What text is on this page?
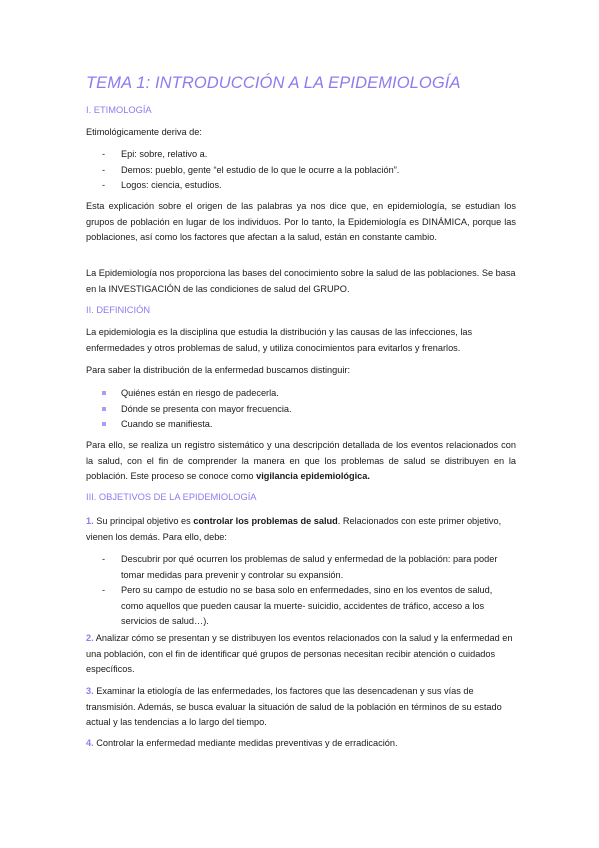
TEMA 1: INTRODUCCIÓN A LA EPIDEMIOLOGÍA
I. ETIMOLOGÍA
Etimológicamente deriva de:
-	Epi: sobre, relativo a.
-	Demos: pueblo, gente “el estudio de lo que le ocurre a la población”.
-	Logos: ciencia, estudios.
Esta explicación sobre el origen de las palabras ya nos dice que, en epidemiología, se estudian los grupos de población en lugar de los individuos. Por lo tanto, la Epidemiología es DINÁMICA, porque las poblaciones, así como los factores que afectan a la salud, están en constante cambio.
La Epidemiología nos proporciona las bases del conocimiento sobre la salud de las poblaciones. Se basa en la INVESTIGACIÓN de las condiciones de salud del GRUPO.
II. DEFINICIÓN
La epidemiologia es la disciplina que estudia la distribución y las causas de las infecciones, las enfermedades y otros problemas de salud, y utiliza conocimientos para evitarlos y frenarlos.
Para saber la distribución de la enfermedad buscamos distinguir:
Quiénes están en riesgo de padecerla.
Dónde se presenta con mayor frecuencia.
Cuando se manifiesta.
Para ello, se realiza un registro sistemático y una descripción detallada de los eventos relacionados con la salud, con el fin de comprender la manera en que los problemas de salud se distribuyen en la población. Este proceso se conoce como vigilancia epidemiológica.
III. OBJETIVOS DE LA EPIDEMIOLOGÍA
1. Su principal objetivo es controlar los problemas de salud. Relacionados con este primer objetivo, vienen los demás. Para ello, debe:
-	Descubrir por qué ocurren los problemas de salud y enfermedad de la población: para poder tomar medidas para prevenir y controlar su expansión.
-	Pero su campo de estudio no se basa solo en enfermedades, sino en los eventos de salud, como aquellos que pueden causar la muerte- suicidio, accidentes de tráfico, acceso a los servicios de salud…).
2. Analizar cómo se presentan y se distribuyen los eventos relacionados con la salud y la enfermedad en una población, con el fin de identificar qué grupos de personas necesitan recibir atención o cuidados específicos.
3. Examinar la etiología de las enfermedades, los factores que las desencadenan y sus vías de transmisión. Además, se busca evaluar la situación de salud de la población en términos de su estado actual y las tendencias a lo largo del tiempo.
4. Controlar la enfermedad mediante medidas preventivas y de erradicación.
